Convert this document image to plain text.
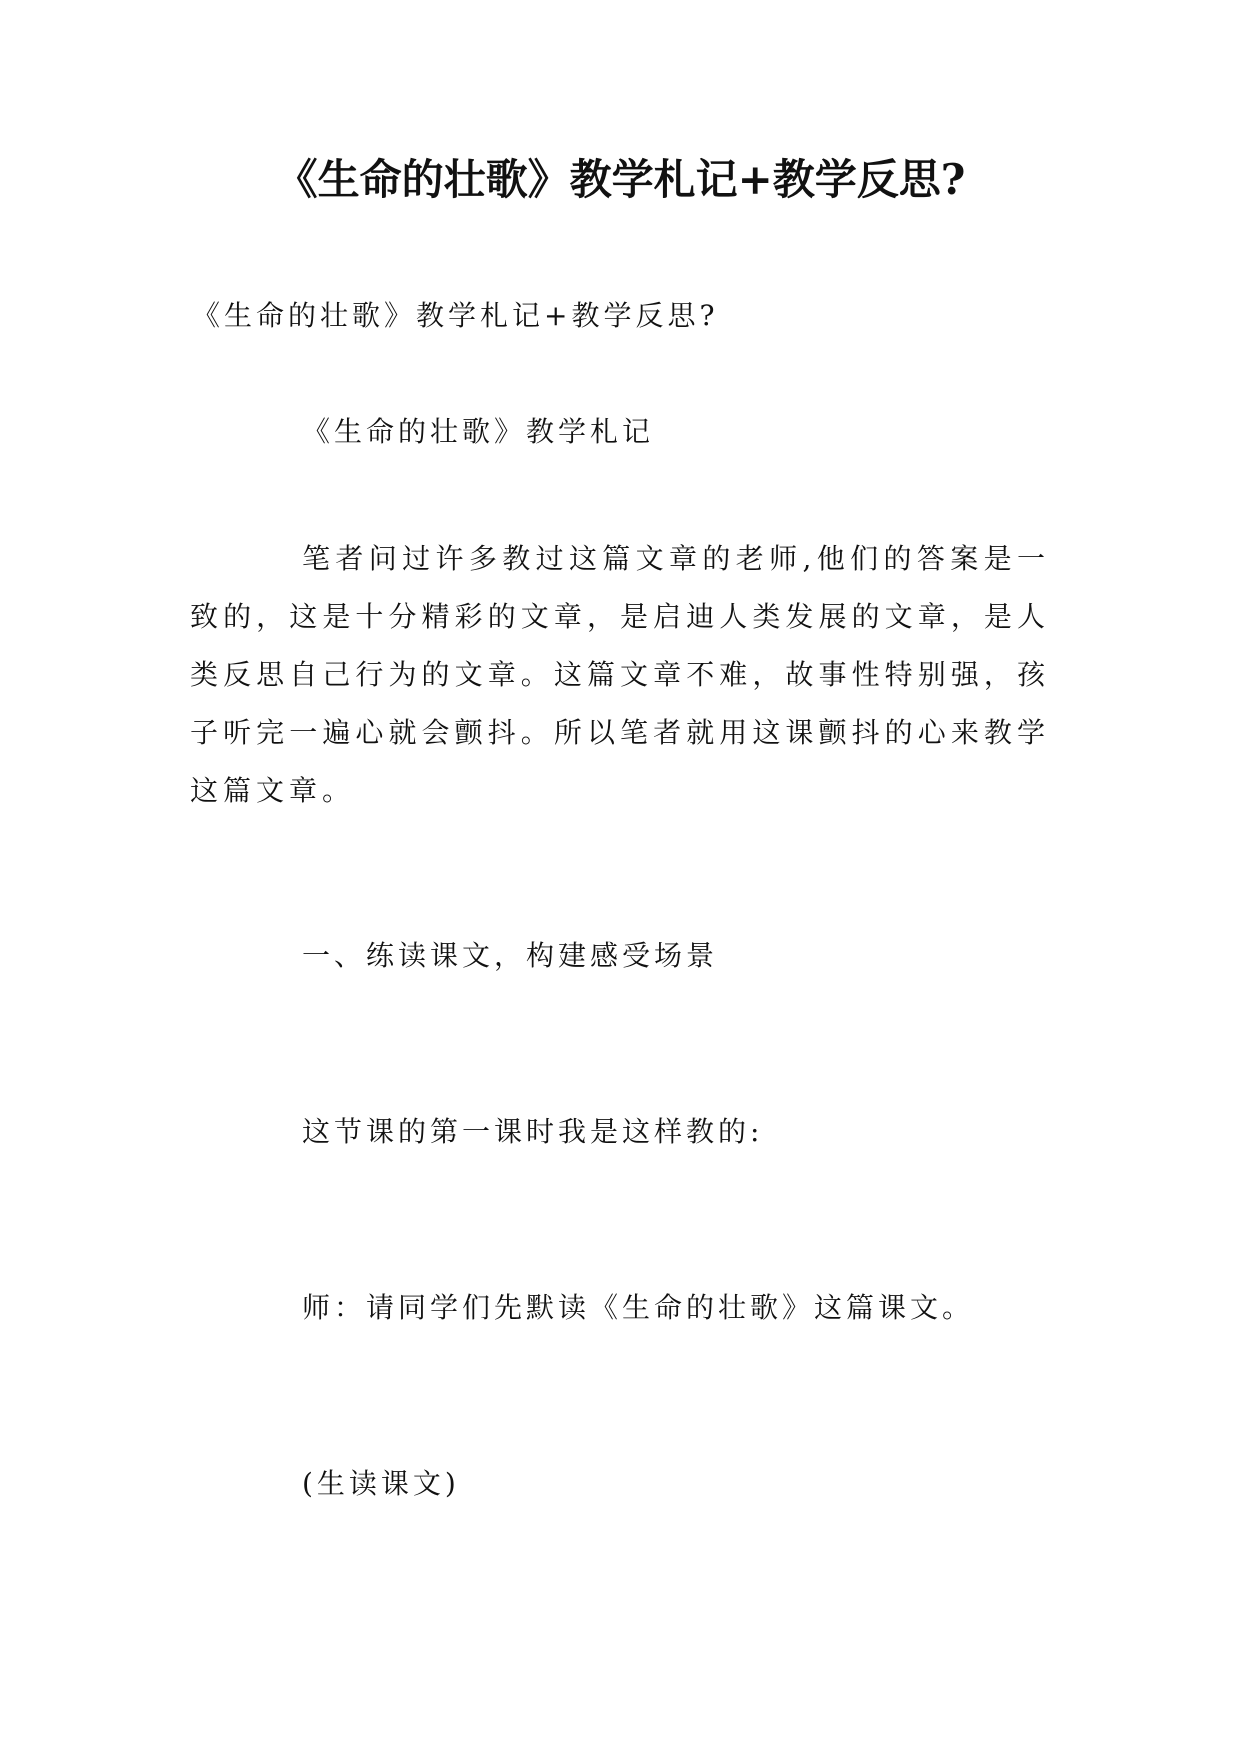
《生命的壮歌》教学札记+教学反思?
《生命的壮歌》教学札记+教学反思?
《生命的壮歌》教学札记
笔者问过许多教过这篇文章的老师,他们的答案是一致的，这是十分精彩的文章，是启迪人类发展的文章，是人类反思自己行为的文章。这篇文章不难，故事性特别强，孩子听完一遍心就会颤抖。所以笔者就用这课颤抖的心来教学这篇文章。
一、练读课文，构建感受场景
这节课的第一课时我是这样教的:
师：请同学们先默读《生命的壮歌》这篇课文。
(生读课文)
